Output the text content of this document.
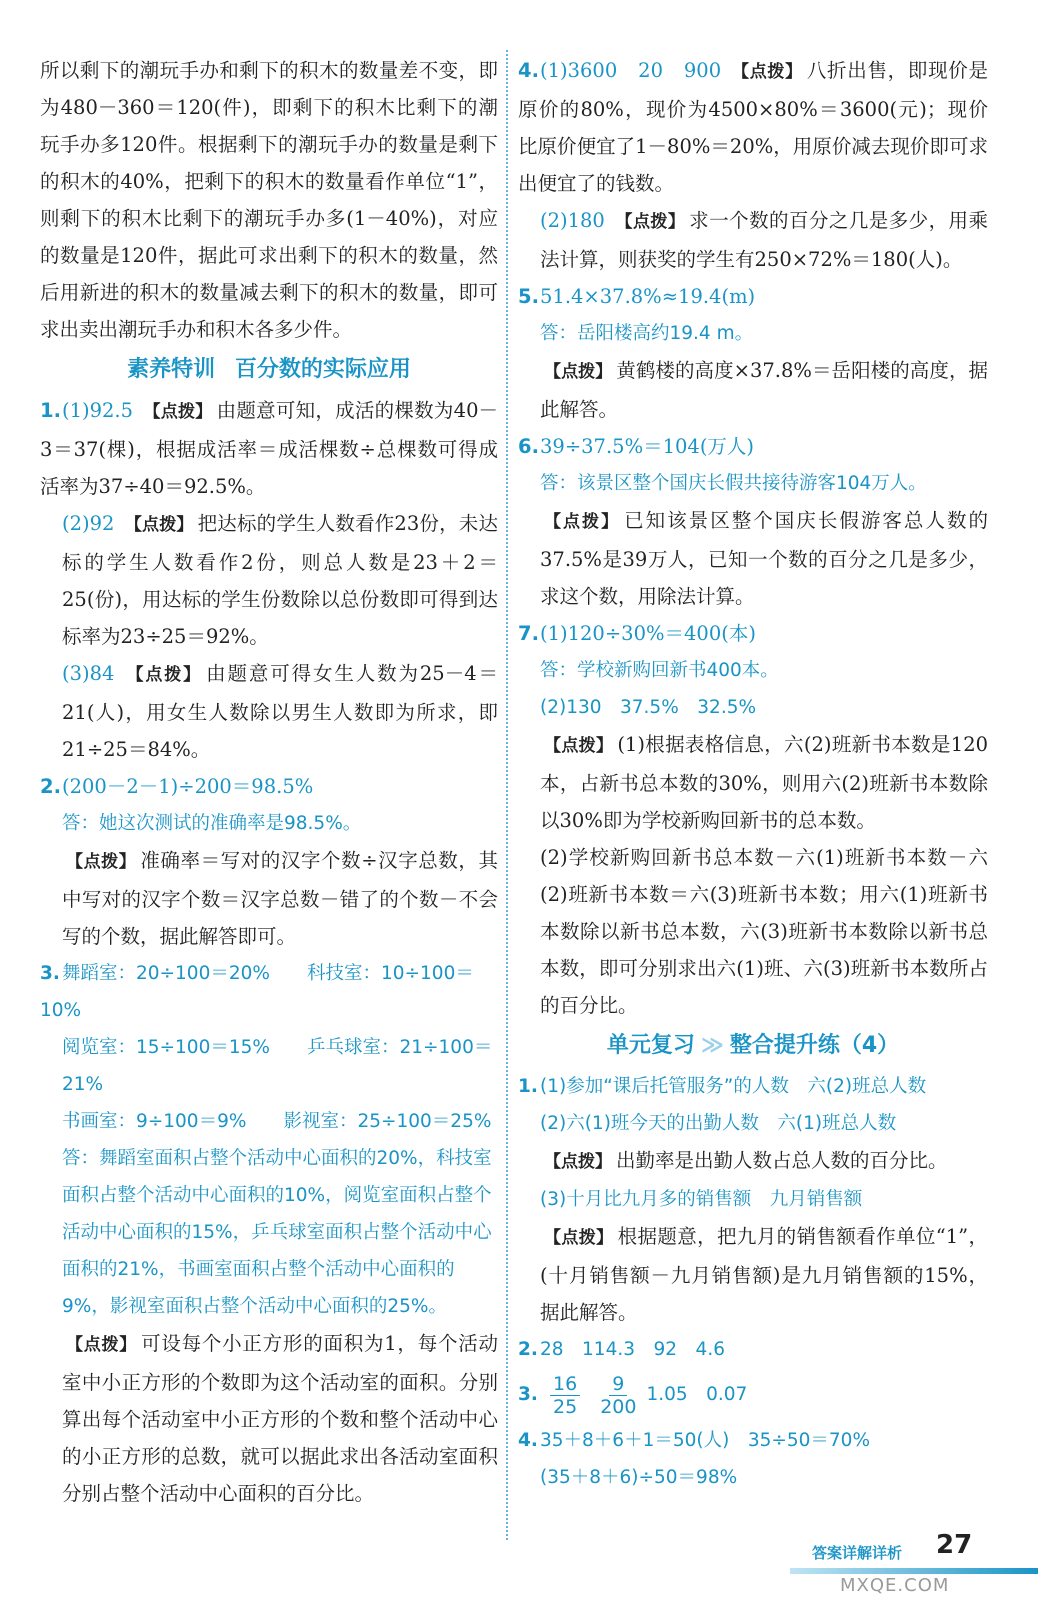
所以剩下的潮玩手办和剩下的积木的数量差不变，即为480－360＝120(件)，即剩下的积木比剩下的潮玩手办多120件。根据剩下的潮玩手办的数量是剩下的积木的40%，把剩下的积木的数量看作单位“1”，则剩下的积木比剩下的潮玩手办多(1－40%)，对应的数量是120件，据此可求出剩下的积木的数量，然后用新进的积木的数量减去剩下的积木的数量，即可求出卖出潮玩手办和积木各多少件。

素养特训 百分数的实际应用

1.(1)92.5 【点拨】 由题意可知，成活的棵数为40－3＝37(棵)，根据成活率＝成活棵数÷总棵数可得成活率为37÷40＝92.5%。

(2)92 【点拨】 把达标的学生人数看作23份，未达标的学生人数看作2份，则总人数是23＋2＝25(份)，用达标的学生份数除以总份数即可得到达标率为23÷25＝92%。

(3)84 【点拨】 由题意可得女生人数为25－4＝21(人)，用女生人数除以男生人数即为所求，即21÷25＝84%。

2.(200－2－1)÷200＝98.5%

答：她这次测试的准确率是98.5%。

【点拨】 准确率＝写对的汉字个数÷汉字总数，其中写对的汉字个数＝汉字总数－错了的个数－不会写的个数，据此解答即可。

3. 舞蹈室：20÷100＝20%　　 科技室：10÷100＝10%

阅览室：15÷100＝15%　　 乒乓球室：21÷100＝21%

书画室：9÷100＝9%　　 影视室：25÷100＝25%

答：舞蹈室面积占整个活动中心面积的20%，科技室面积占整个活动中心面积的10%，阅览室面积占整个活动中心面积的15%，乒乓球室面积占整个活动中心面积的21%，书画室面积占整个活动中心面积的9%，影视室面积占整个活动中心面积的25%。

【点拨】 可设每个小正方形的面积为1，每个活动室中小正方形的个数即为这个活动室的面积。分别算出每个活动室中小正方形的个数和整个活动中心的小正方形的总数，就可以据此求出各活动室面积分别占整个活动中心面积的百分比。

4.(1)3600　20　900 【点拨】 八折出售，即现价是原价的80%，现价为4500×80%＝3600(元)；现价比原价便宜了1－80%＝20%，用原价减去现价即可求出便宜了的钱数。

(2)180 【点拨】 求一个数的百分之几是多少，用乘法计算，则获奖的学生有250×72%＝180(人)。

5.51.4×37.8%≈19.4(m)

答：岳阳楼高约19.4 m。

【点拨】 黄鹤楼的高度×37.8%＝岳阳楼的高度，据此解答。

6.39÷37.5%＝104(万人)

答：该景区整个国庆长假共接待游客104万人。

【点拨】 已知该景区整个国庆长假游客总人数的37.5%是39万人，已知一个数的百分之几是多少，求这个数，用除法计算。

7.(1)120÷30%＝400(本)

答：学校新购回新书400本。

(2)130　37.5%　32.5%

【点拨】 (1)根据表格信息，六(2)班新书本数是120本，占新书总本数的30%，则用六(2)班新书本数除以30%即为学校新购回新书的总本数。

(2)学校新购回新书总本数－六(1)班新书本数－六(2)班新书本数＝六(3)班新书本数；用六(1)班新书本数除以新书总本数，六(3)班新书本数除以新书总本数，即可分别求出六(1)班、六(3)班新书本数所占的百分比。

单元复习 ≫ 整合提升练（4）

1. (1)参加“课后托管服务”的人数　六(2)班总人数

(2)六(1)班今天的出勤人数　六(1)班总人数

【点拨】 出勤率是出勤人数占总人数的百分比。

(3)十月比九月多的销售额　九月销售额

【点拨】 根据题意，把九月的销售额看作单位“1”，(十月销售额－九月销售额)是九月销售额的15%，据此解答。

2. 28　114.3　92　4.6

3. $\frac{16}{25} \frac{9}{200} 1.05$　0.07

4. 35＋8＋6＋1＝50(人)　35÷50＝70%

(35＋8＋6)÷50＝98%

答案详解详析 27
MXQE.COM
